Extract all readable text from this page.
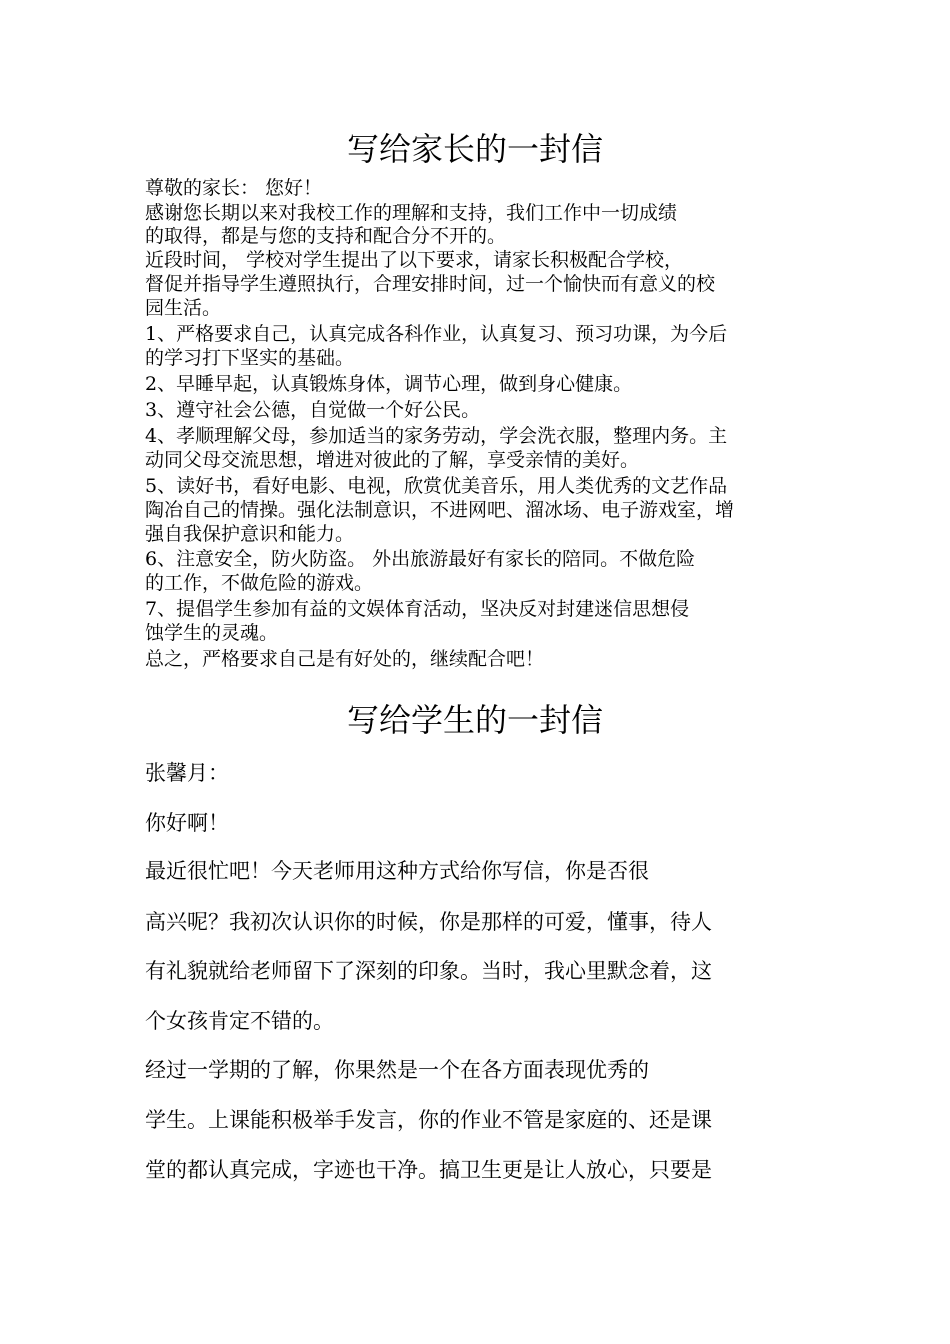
写给家长的一封信
尊敬的家长： 您好！
感谢您长期以来对我校工作的理解和支持，我们工作中一切成绩
的取得，都是与您的支持和配合分不开的。
近段时间， 学校对学生提出了以下要求，请家长积极配合学校，
督促并指导学生遵照执行，合理安排时间，过一个愉快而有意义的校
园生活。
1、严格要求自己，认真完成各科作业，认真复习、预习功课，为今后
的学习打下坚实的基础。
2、早睡早起，认真锻炼身体，调节心理，做到身心健康。
3、遵守社会公德，自觉做一个好公民。
4、孝顺理解父母，参加适当的家务劳动，学会洗衣服，整理内务。主
动同父母交流思想，增进对彼此的了解，享受亲情的美好。
5、读好书，看好电影、电视，欣赏优美音乐，用人类优秀的文艺作品
陶冶自己的情操。强化法制意识，不进网吧、溜冰场、电子游戏室，增
强自我保护意识和能力。
6、注意安全，防火防盗。 外出旅游最好有家长的陪同。不做危险
的工作，不做危险的游戏。
7、提倡学生参加有益的文娱体育活动，坚决反对封建迷信思想侵
蚀学生的灵魂。
总之，严格要求自己是有好处的，继续配合吧！
写给学生的一封信
张馨月：
你好啊！
最近很忙吧！今天老师用这种方式给你写信，你是否很
高兴呢？我初次认识你的时候，你是那样的可爱，懂事，待人
有礼貌就给老师留下了深刻的印象。当时，我心里默念着，这
个女孩肯定不错的。
经过一学期的了解，你果然是一个在各方面表现优秀的
学生。上课能积极举手发言，你的作业不管是家庭的、还是课
堂的都认真完成，字迹也干净。搞卫生更是让人放心，只要是
